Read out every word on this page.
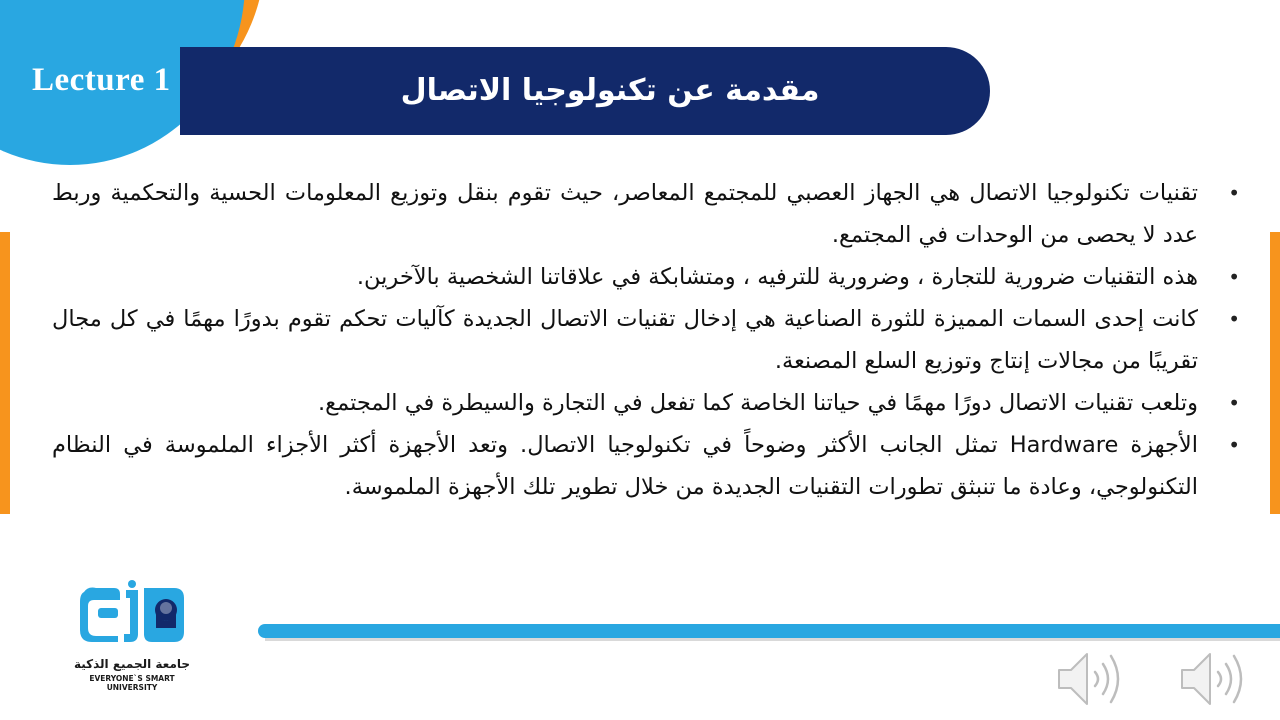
مقدمة عن تكنولوجيا الاتصال
Lecture 1

•
تقنيات تكنولوجيا الاتصال هي الجهاز العصبي للمجتمع المعاصر، حيث تقوم بنقل وتوزيع المعلومات الحسية والتحكمية وربط عدد لا يحصى من الوحدات في المجتمع.

•
هذه التقنيات ضرورية للتجارة ، وضرورية للترفيه ، ومتشابكة في علاقاتنا الشخصية بالآخرين.

•
كانت إحدى السمات المميزة للثورة الصناعية هي إدخال تقنيات الاتصال الجديدة كآليات تحكم تقوم بدورًا مهمًا في كل مجال تقريبًا من مجالات إنتاج وتوزيع السلع المصنعة.

•
وتلعب تقنيات الاتصال دورًا مهمًا في حياتنا الخاصة كما تفعل في التجارة والسيطرة في المجتمع.

•
الأجهزة Hardware تمثل الجانب الأكثر وضوحاً في تكنولوجيا الاتصال. وتعد الأجهزة أكثر الأجزاء الملموسة في النظام التكنولوجي، وعادة ما تنبثق تطورات التقنيات الجديدة من خلال تطوير تلك الأجهزة الملموسة.

جامعة الجميع الذكية
EVERYONE`S SMART UNIVERSITY
